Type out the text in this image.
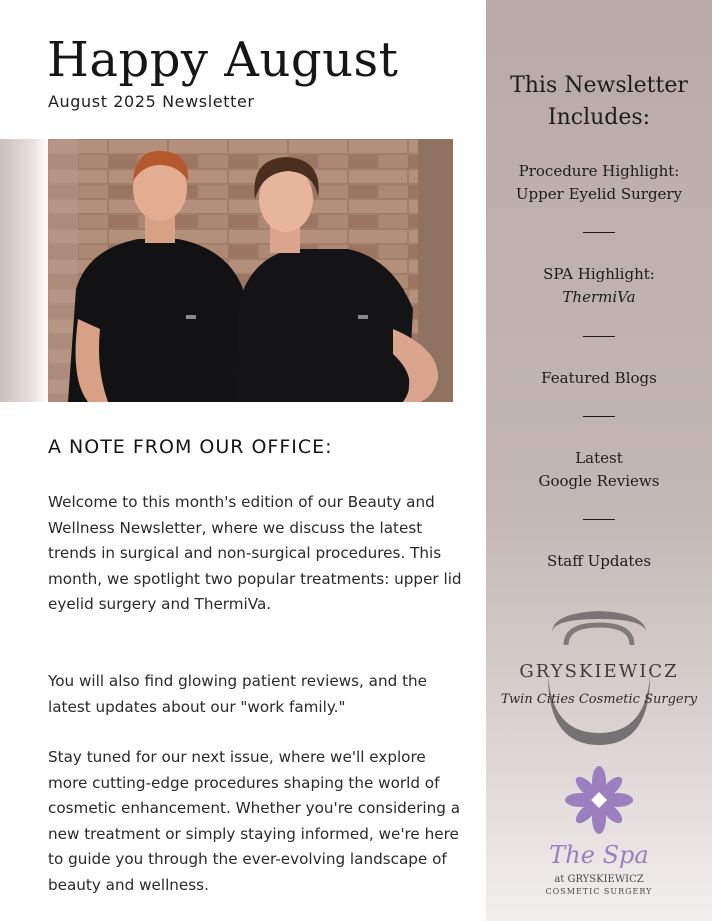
Happy August
August 2025 Newsletter
A NOTE FROM OUR OFFICE:
Welcome to this month's edition of our Beauty and Wellness Newsletter, where we discuss the latest trends in surgical and non-surgical procedures. This month, we spotlight two popular treatments: upper lid eyelid surgery and ThermiVa.
You will also find glowing patient reviews, and the latest updates about our "work family."
Stay tuned for our next issue, where we'll explore more cutting-edge procedures shaping the world of cosmetic enhancement. Whether you're considering a new treatment or simply staying informed, we're here to guide you through the ever-evolving landscape of beauty and wellness.
This Newsletter
Includes:
Procedure Highlight:
Upper Eyelid Surgery
SPA Highlight:
ThermiVa
Featured Blogs
Latest
Google Reviews
Staff Updates
GRYSKIEWICZ
Twin Cities Cosmetic Surgery
The Spa
at GRYSKIEWICZ
COSMETIC SURGERY
